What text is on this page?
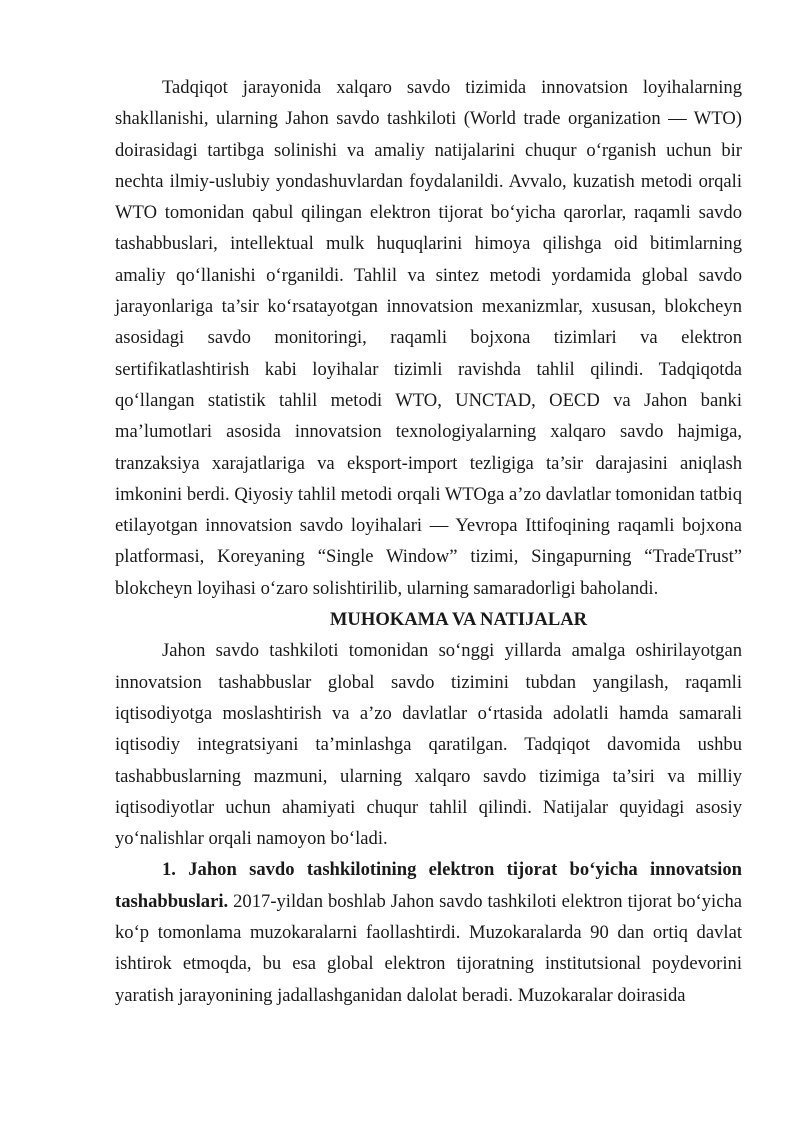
Tadqiqot jarayonida xalqaro savdo tizimida innovatsion loyihalarning shakllanishi, ularning Jahon savdo tashkiloti (World trade organization — WTO) doirasidagi tartibga solinishi va amaliy natijalarini chuqur o‘rganish uchun bir nechta ilmiy-uslubiy yondashuvlardan foydalanildi. Avvalo, kuzatish metodi orqali WTO tomonidan qabul qilingan elektron tijorat bo‘yicha qarorlar, raqamli savdo tashabbuslari, intellektual mulk huquqlarini himoya qilishga oid bitimlarning amaliy qo‘llanishi o‘rganildi. Tahlil va sintez metodi yordamida global savdo jarayonlariga ta’sir ko‘rsatayotgan innovatsion mexanizmlar, xususan, blokcheyn asosidagi savdo monitoringi, raqamli bojxona tizimlari va elektron sertifikatlashtirish kabi loyihalar tizimli ravishda tahlil qilindi. Tadqiqotda qo‘llangan statistik tahlil metodi WTO, UNCTAD, OECD va Jahon banki ma’lumotlari asosida innovatsion texnologiyalarning xalqaro savdo hajmiga, tranzaksiya xarajatlariga va eksport-import tezligiga ta’sir darajasini aniqlash imkonini berdi. Qiyosiy tahlil metodi orqali WTOga a’zo davlatlar tomonidan tatbiq etilayotgan innovatsion savdo loyihalari — Yevropa Ittifoqining raqamli bojxona platformasi, Koreyaning “Single Window” tizimi, Singapurning “TradeTrust” blokcheyn loyihasi o‘zaro solishtirilib, ularning samaradorligi baholandi.

MUHOKAMA VA NATIJALAR

Jahon savdo tashkiloti tomonidan so‘nggi yillarda amalga oshirilayotgan innovatsion tashabbuslar global savdo tizimini tubdan yangilash, raqamli iqtisodiyotga moslashtirish va a’zo davlatlar o‘rtasida adolatli hamda samarali iqtisodiy integratsiyani ta’minlashga qaratilgan. Tadqiqot davomida ushbu tashabbuslarning mazmuni, ularning xalqaro savdo tizimiga ta’siri va milliy iqtisodiyotlar uchun ahamiyati chuqur tahlil qilindi. Natijalar quyidagi asosiy yo‘nalishlar orqali namoyon bo‘ladi.

1. Jahon savdo tashkilotining elektron tijorat bo‘yicha innovatsion tashabbuslari. 2017-yildan boshlab Jahon savdo tashkiloti elektron tijorat bo‘yicha ko‘p tomonlama muzokaralarni faollashtirdi. Muzokaralarda 90 dan ortiq davlat ishtirok etmoqda, bu esa global elektron tijoratning institutsional poydevorini yaratish jarayonining jadallashganidan dalolat beradi. Muzokaralar doirasida
